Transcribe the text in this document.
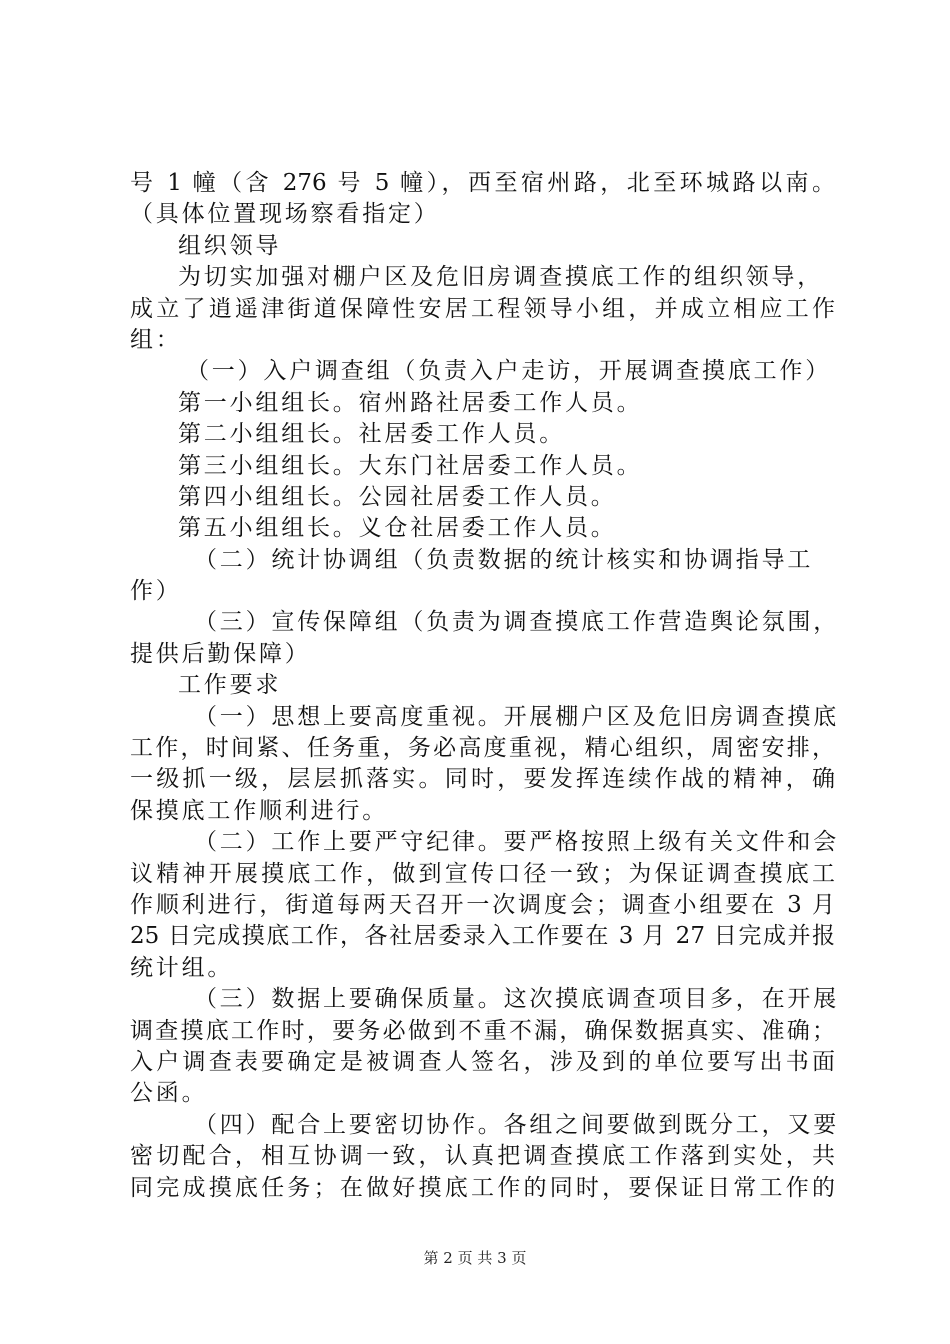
号 1 幢（含 276 号 5 幢），西至宿州路，北至环城路以南。
（具体位置现场察看指定）
组织领导
为切实加强对棚户区及危旧房调查摸底工作的组织领导，
成立了逍遥津街道保障性安居工程领导小组，并成立相应工作
组：
（一）入户调查组（负责入户走访，开展调查摸底工作）
第一小组组长。宿州路社居委工作人员。
第二小组组长。社居委工作人员。
第三小组组长。大东门社居委工作人员。
第四小组组长。公园社居委工作人员。
第五小组组长。义仓社居委工作人员。
（二）统计协调组（负责数据的统计核实和协调指导工
作）
（三）宣传保障组（负责为调查摸底工作营造舆论氛围，
提供后勤保障）
工作要求
（一）思想上要高度重视。开展棚户区及危旧房调查摸底
工作，时间紧、任务重，务必高度重视，精心组织，周密安排，
一级抓一级，层层抓落实。同时，要发挥连续作战的精神，确
保摸底工作顺利进行。
（二）工作上要严守纪律。要严格按照上级有关文件和会
议精神开展摸底工作，做到宣传口径一致；为保证调查摸底工
作顺利进行，街道每两天召开一次调度会；调查小组要在 3 月
25 日完成摸底工作，各社居委录入工作要在 3 月 27 日完成并报
统计组。
（三）数据上要确保质量。这次摸底调查项目多，在开展
调查摸底工作时，要务必做到不重不漏，确保数据真实、准确；
入户调查表要确定是被调查人签名，涉及到的单位要写出书面
公函。
（四）配合上要密切协作。各组之间要做到既分工，又要
密切配合，相互协调一致，认真把调查摸底工作落到实处，共
同完成摸底任务；在做好摸底工作的同时，要保证日常工作的
第 2 页 共 3 页
